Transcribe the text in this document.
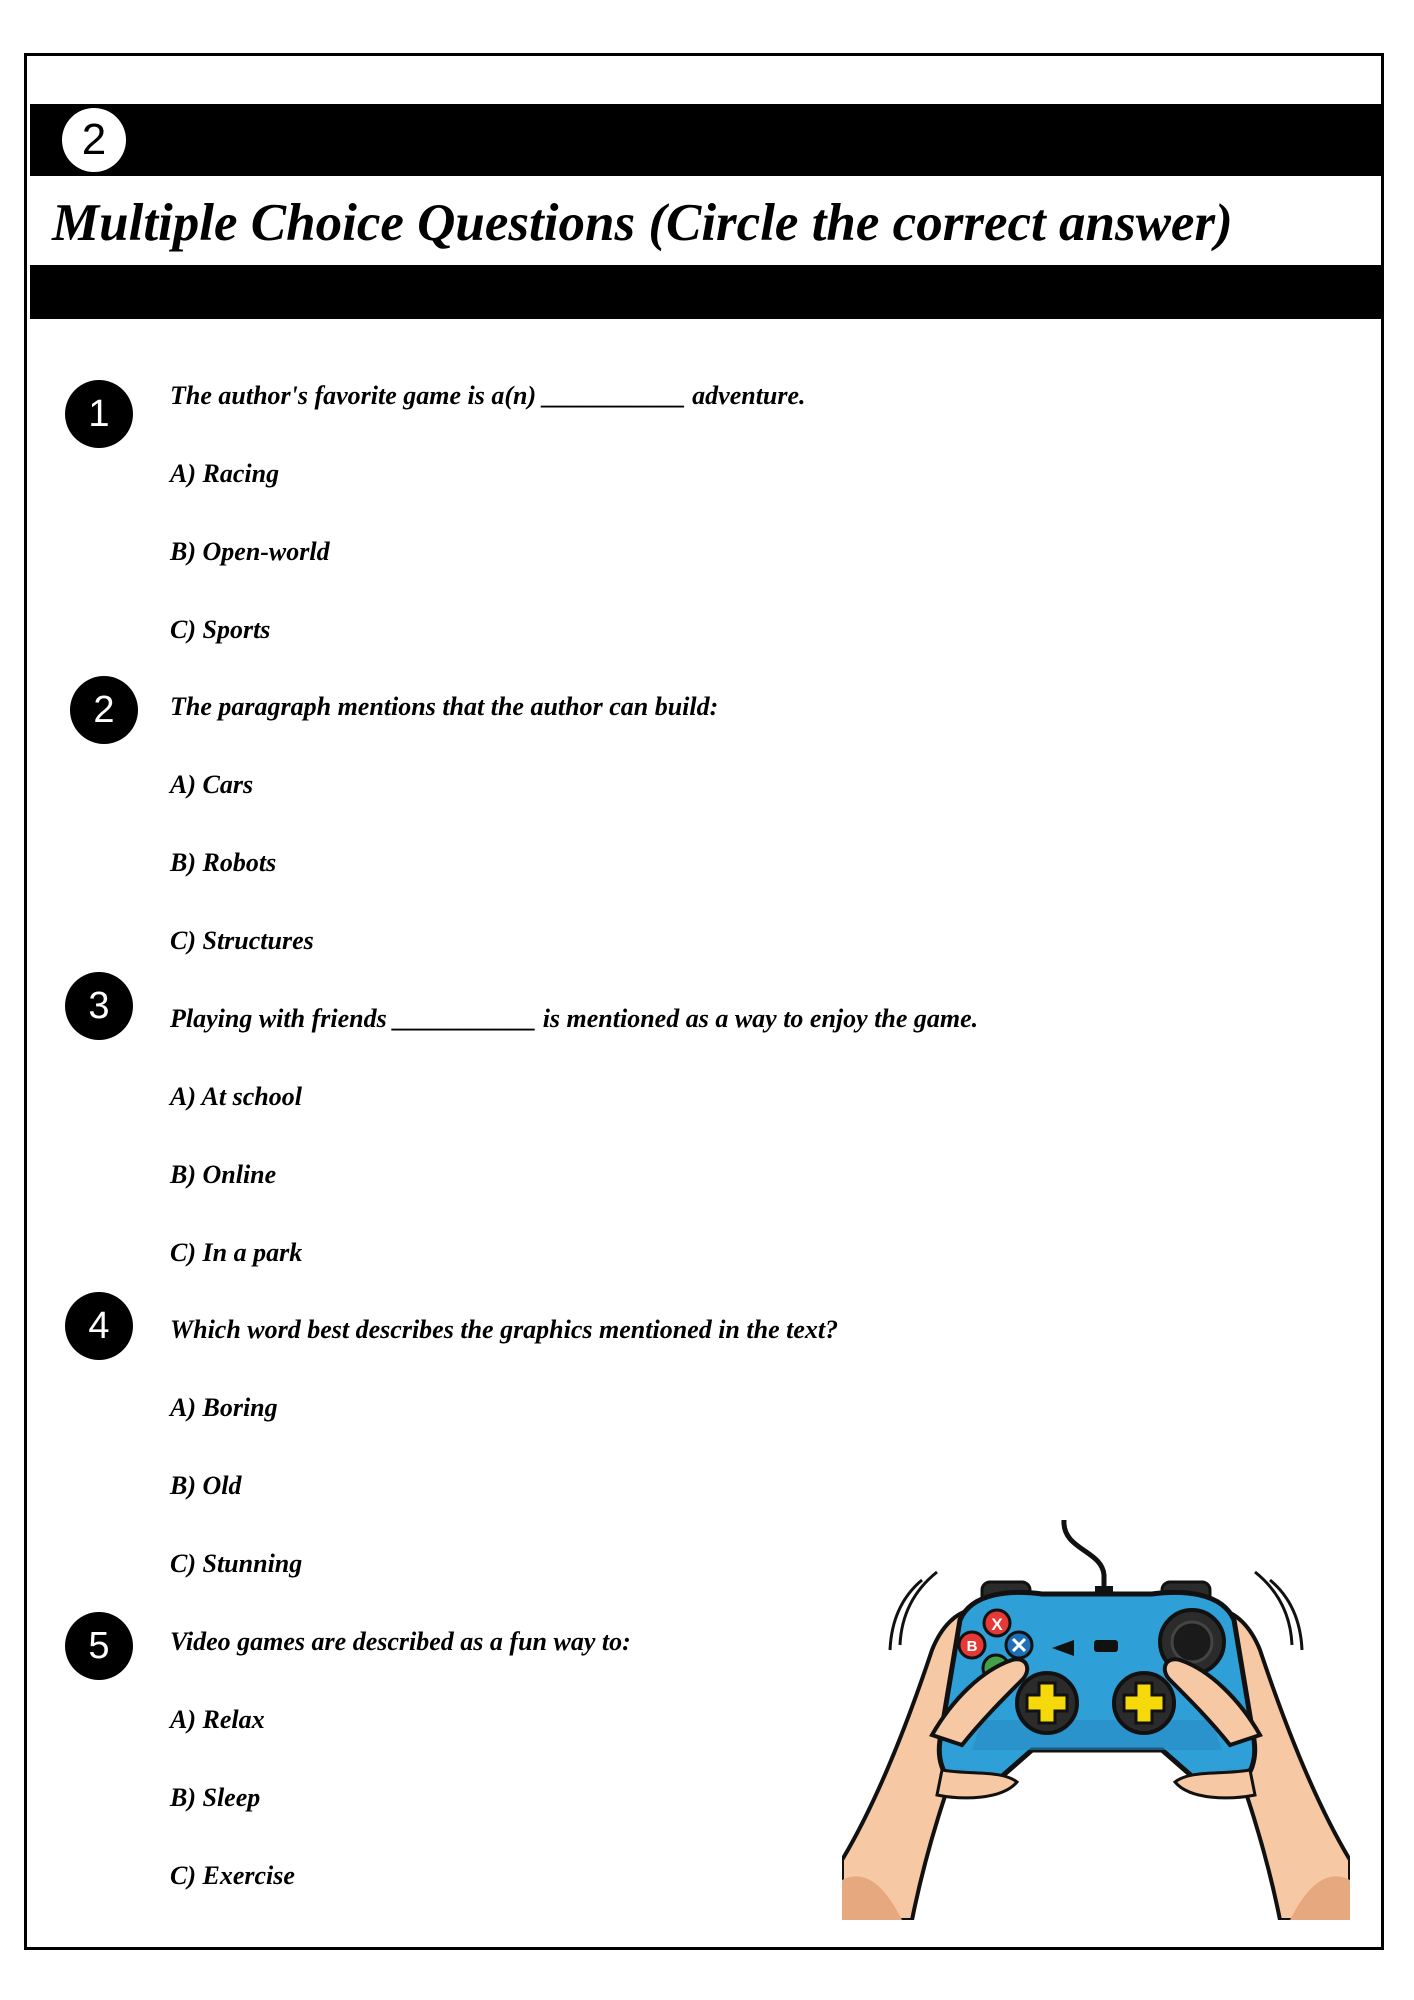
2
Multiple Choice Questions (Circle the correct answer)
1	The author's favorite game is a(n) ___________ adventure.
A) Racing
B) Open-world
C) Sports
2	The paragraph mentions that the author can build:
A) Cars
B) Robots
C) Structures
3	Playing with friends ___________ is mentioned as a way to enjoy the game.
A) At school
B) Online
C) In a park
4	Which word best describes the graphics mentioned in the text?
A) Boring
B) Old
C) Stunning
5	Video games are described as a fun way to:
A) Relax
B) Sleep
C) Exercise
X
B
